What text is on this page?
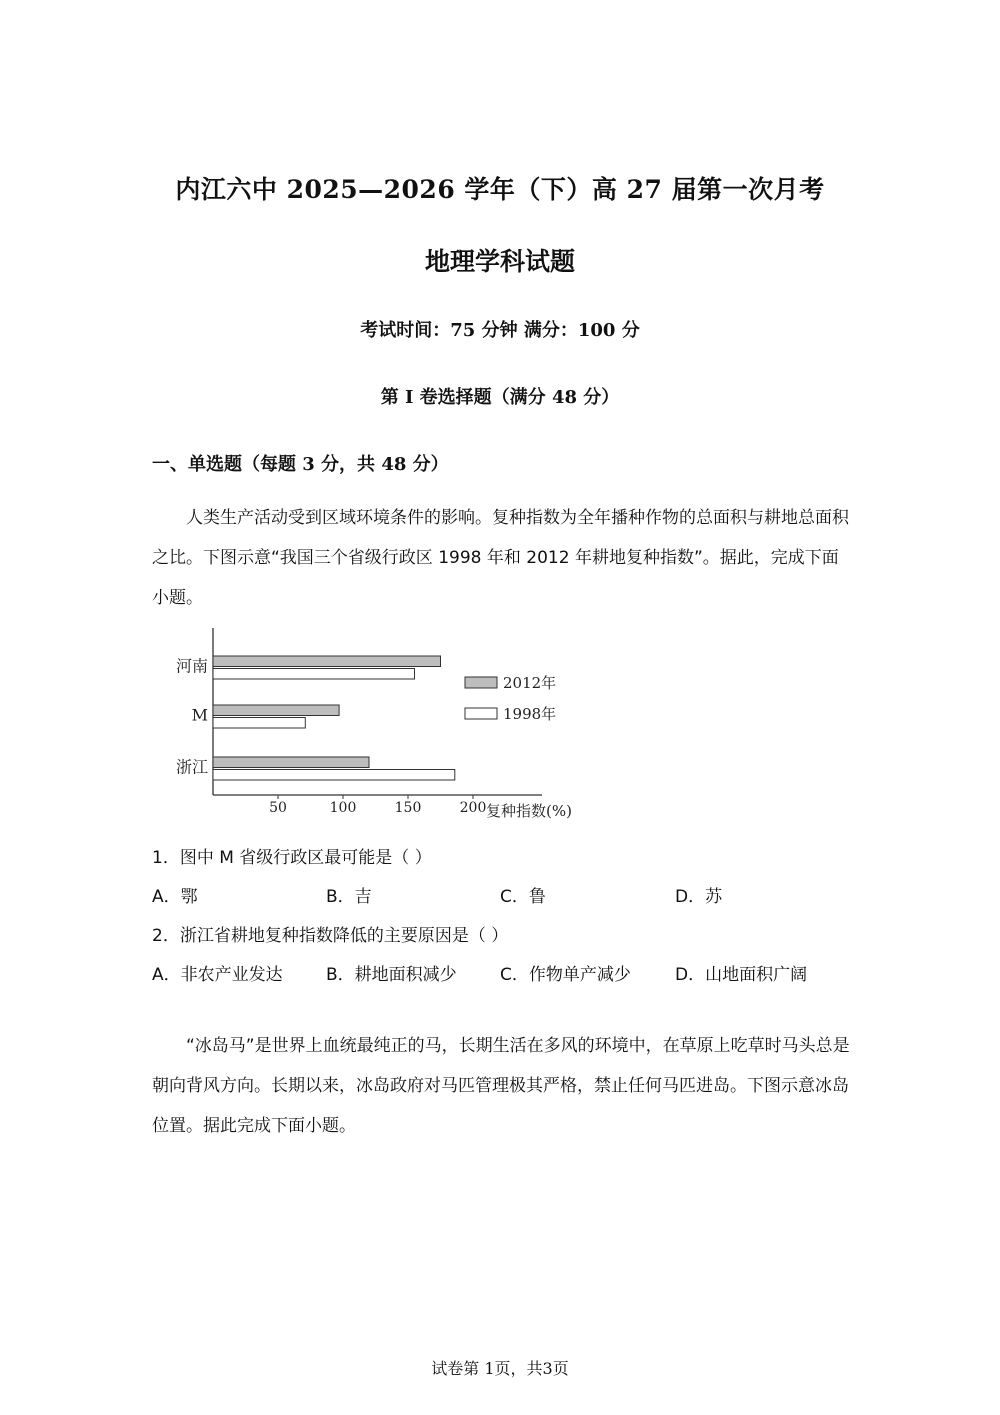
内江六中 2025—2026 学年（下）高 27 届第一次月考
地理学科试题
考试时间：75 分钟 满分：100 分
第 I 卷选择题（满分 48 分）
一、单选题（每题 3 分，共 48 分）

人类生产活动受到区域环境条件的影响。复种指数为全年播种作物的总面积与耕地总面积之比。下图示意“我国三个省级行政区 1998 年和 2012 年耕地复种指数”。据此，完成下面小题。

河南
M
浙江
50	100	150	200 复种指数(%)
2012年
1998年
1．图中 M 省级行政区最可能是（ ）
A．鄂	B．吉	C．鲁	D．苏
2．浙江省耕地复种指数降低的主要原因是（ ）
A．非农产业发达	B．耕地面积减少	C．作物单产减少	D．山地面积广阔

“冰岛马”是世界上血统最纯正的马，长期生活在多风的环境中，在草原上吃草时马头总是朝向背风方向。长期以来，冰岛政府对马匹管理极其严格，禁止任何马匹进岛。下图示意冰岛位置。据此完成下面小题。

试卷第 1页，共3页
